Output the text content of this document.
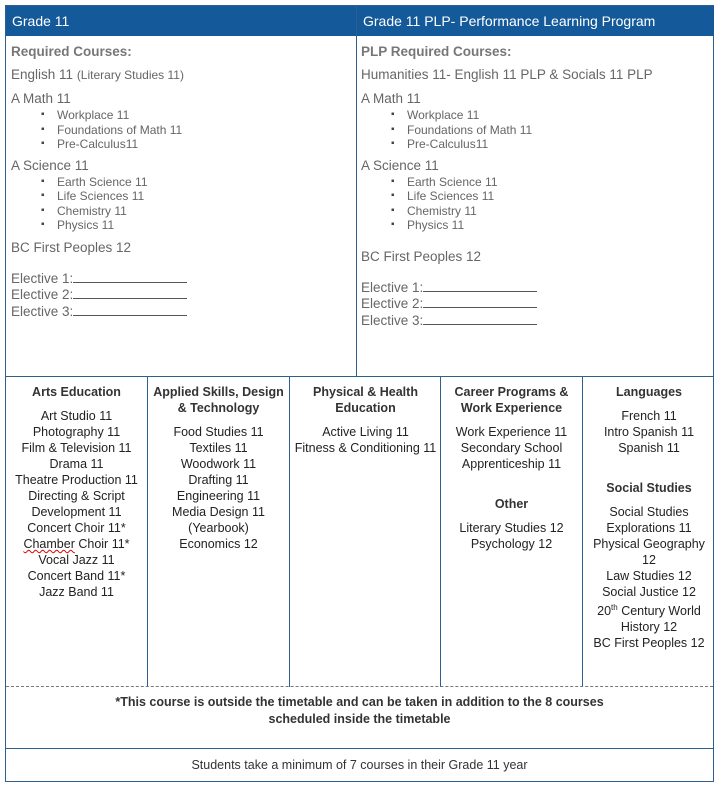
Grade 11	Grade 11 PLP- Performance Learning Program
Required Courses:
English 11 (Literary Studies 11)
A Math 11
▪ Workplace 11
▪ Foundations of Math 11
▪ Pre-Calculus11
A Science 11
▪ Earth Science 11
▪ Life Sciences 11
▪ Chemistry 11
▪ Physics 11
BC First Peoples 12
Elective 1:
Elective 2:
Elective 3:
PLP Required Courses:
Humanities 11- English 11 PLP & Socials 11 PLP
A Math 11
▪ Workplace 11
▪ Foundations of Math 11
▪ Pre-Calculus11
A Science 11
▪ Earth Science 11
▪ Life Sciences 11
▪ Chemistry 11
▪ Physics 11
BC First Peoples 12
Elective 1:
Elective 2:
Elective 3:
Arts Education
Art Studio 11
Photography 11
Film & Television 11
Drama 11
Theatre Production 11
Directing & Script Development 11
Concert Choir 11*
Chamber Choir 11*
Vocal Jazz 11
Concert Band 11*
Jazz Band 11
Applied Skills, Design & Technology
Food Studies 11
Textiles 11
Woodwork 11
Drafting 11
Engineering 11
Media Design 11 (Yearbook)
Economics 12
Physical & Health Education
Active Living 11
Fitness & Conditioning 11
Career Programs & Work Experience
Work Experience 11
Secondary School Apprenticeship 11
Other
Literary Studies 12
Psychology 12
Languages
French 11
Intro Spanish 11
Spanish 11
Social Studies
Social Studies Explorations 11
Physical Geography 12
Law Studies 12
Social Justice 12
20th Century World History 12
BC First Peoples 12
*This course is outside the timetable and can be taken in addition to the 8 courses scheduled inside the timetable
Students take a minimum of 7 courses in their Grade 11 year
